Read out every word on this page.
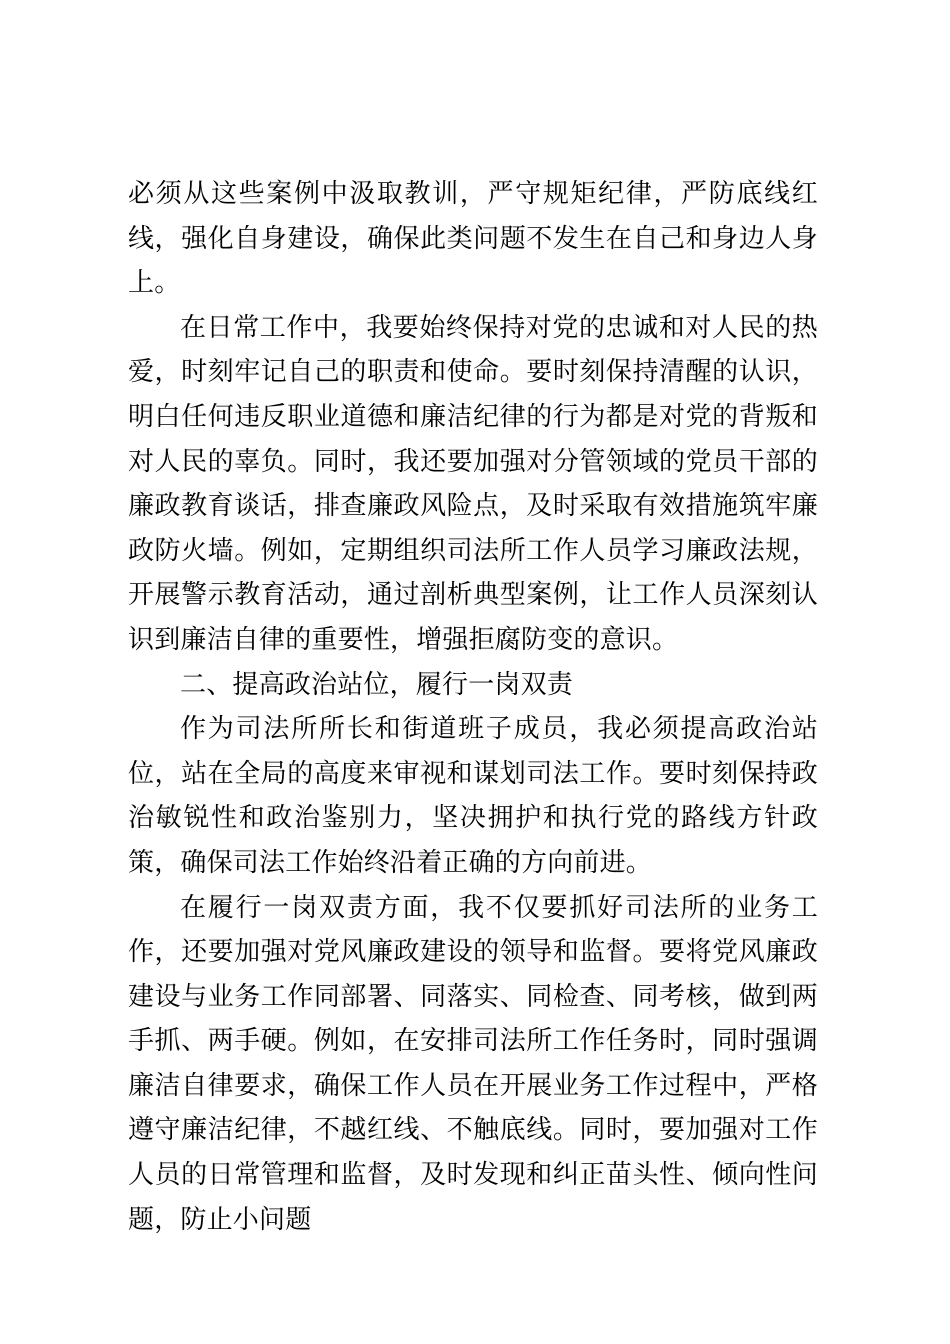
必须从这些案例中汲取教训，严守规矩纪律，严防底线红线，强化自身建设，确保此类问题不发生在自己和身边人身上。

在日常工作中，我要始终保持对党的忠诚和对人民的热爱，时刻牢记自己的职责和使命。要时刻保持清醒的认识，明白任何违反职业道德和廉洁纪律的行为都是对党的背叛和对人民的辜负。同时，我还要加强对分管领域的党员干部的廉政教育谈话，排查廉政风险点，及时采取有效措施筑牢廉政防火墙。例如，定期组织司法所工作人员学习廉政法规，开展警示教育活动，通过剖析典型案例，让工作人员深刻认识到廉洁自律的重要性，增强拒腐防变的意识。

二、提高政治站位，履行一岗双责

作为司法所所长和街道班子成员，我必须提高政治站位，站在全局的高度来审视和谋划司法工作。要时刻保持政治敏锐性和政治鉴别力，坚决拥护和执行党的路线方针政策，确保司法工作始终沿着正确的方向前进。

在履行一岗双责方面，我不仅要抓好司法所的业务工作，还要加强对党风廉政建设的领导和监督。要将党风廉政建设与业务工作同部署、同落实、同检查、同考核，做到两手抓、两手硬。例如，在安排司法所工作任务时，同时强调廉洁自律要求，确保工作人员在开展业务工作过程中，严格遵守廉洁纪律，不越红线、不触底线。同时，要加强对工作人员的日常管理和监督，及时发现和纠正苗头性、倾向性问题，防止小问题
